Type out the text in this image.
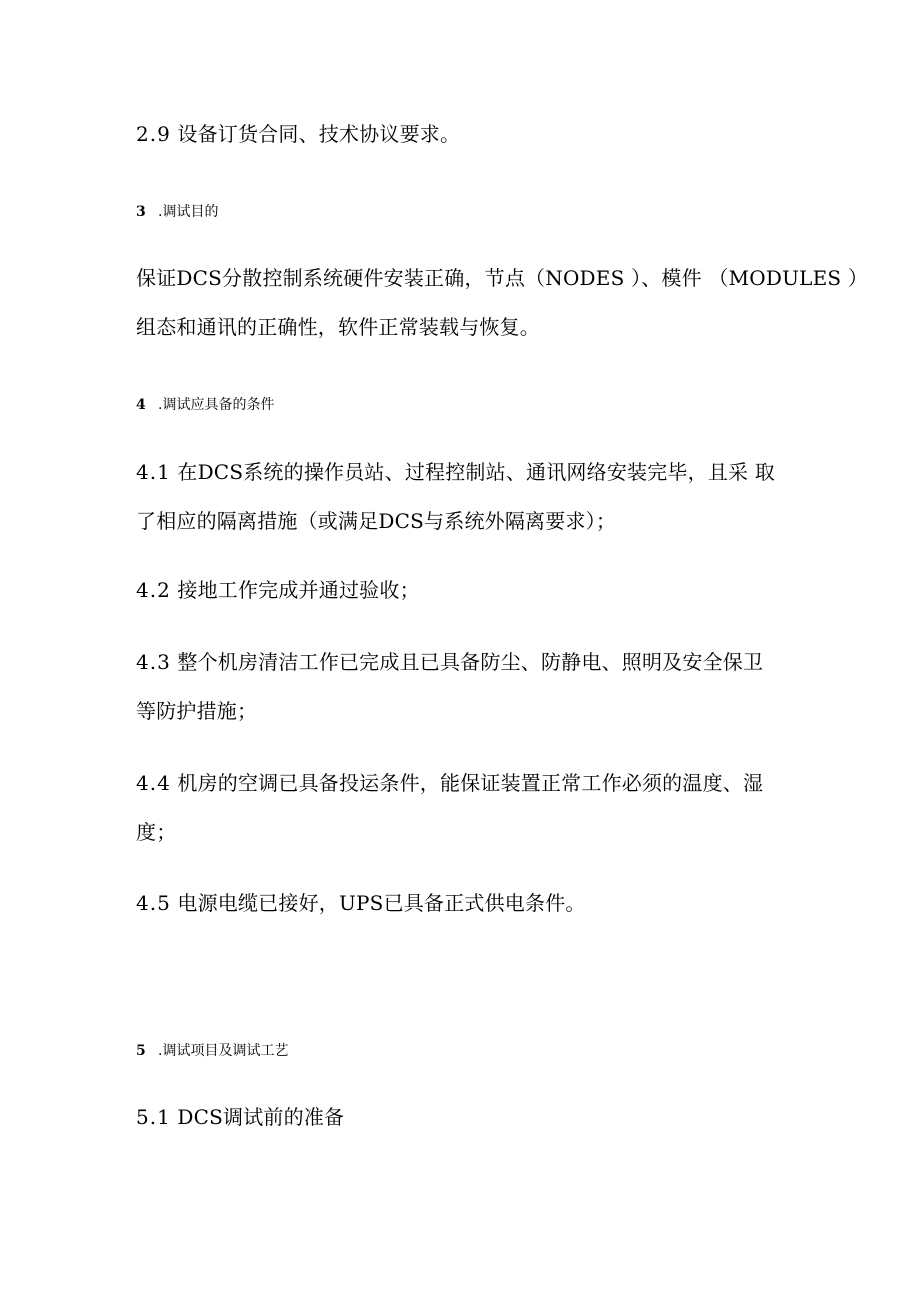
2.9 设备订货合同、技术协议要求。
3 .调试目的
保证DCS分散控制系统硬件安装正确，节点（NODES ）、模件 （MODULES ）
组态和通讯的正确性，软件正常装载与恢复。
4 .调试应具备的条件
4.1 在DCS系统的操作员站、过程控制站、通讯网络安装完毕，且采 取
了相应的隔离措施（或满足DCS与系统外隔离要求）；
4.2 接地工作完成并通过验收；
4.3 整个机房清洁工作已完成且已具备防尘、防静电、照明及安全保卫
等防护措施；
4.4 机房的空调已具备投运条件，能保证装置正常工作必须的温度、湿
度；
4.5 电源电缆已接好，UPS已具备正式供电条件。
5 .调试项目及调试工艺
5.1 DCS调试前的准备
